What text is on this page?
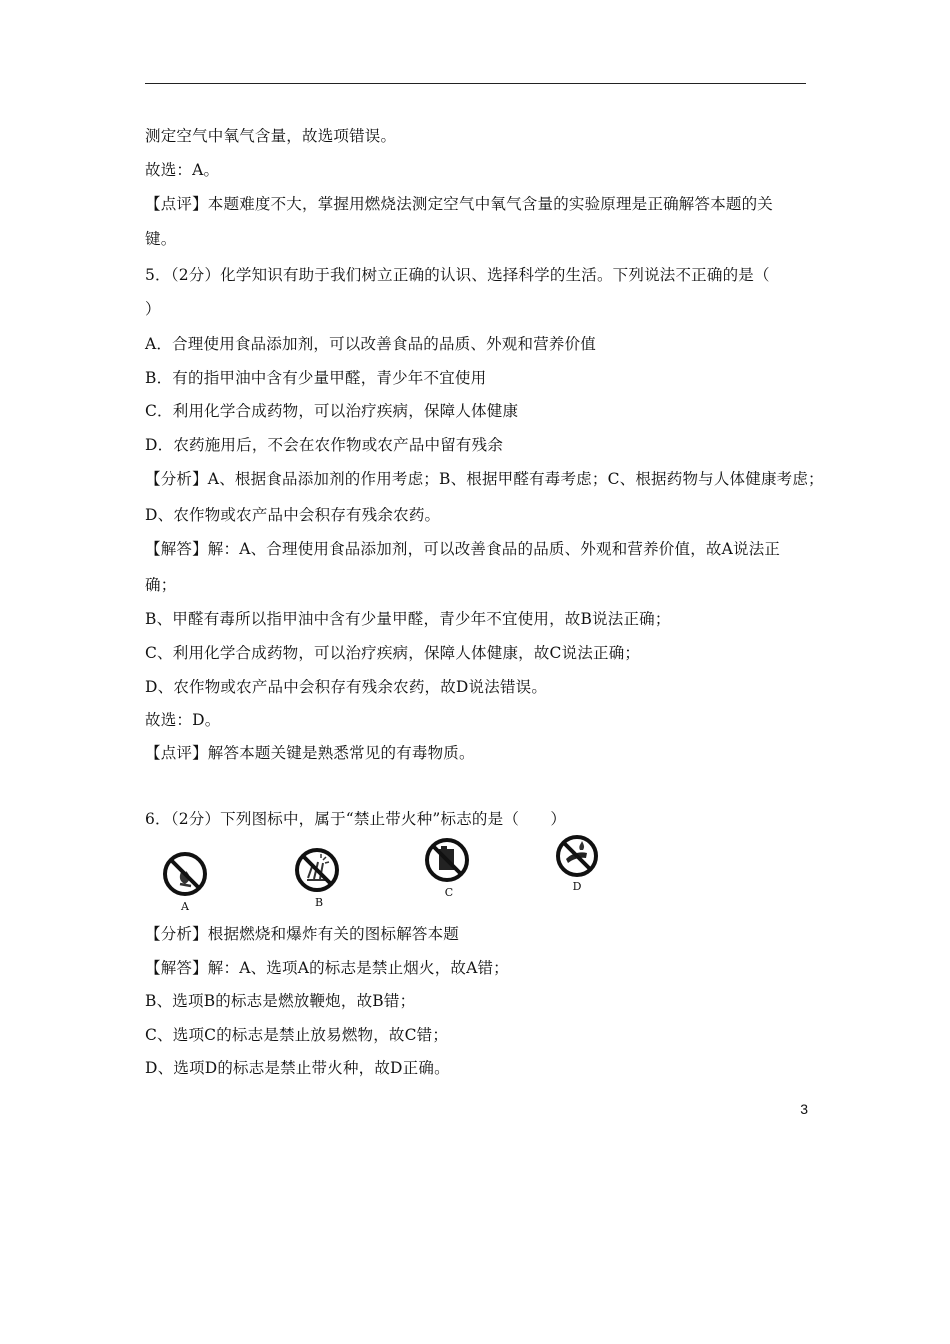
测定空气中氧气含量，故选项错误。
故选：A。
【点评】本题难度不大，掌握用燃烧法测定空气中氧气含量的实验原理是正确解答本题的关
键。
5．（2分）化学知识有助于我们树立正确的认识、选择科学的生活。下列说法不正确的是（
）
A．合理使用食品添加剂，可以改善食品的品质、外观和营养价值
B．有的指甲油中含有少量甲醛，青少年不宜使用
C．利用化学合成药物，可以治疗疾病，保障人体健康
D．农药施用后，不会在农作物或农产品中留有残余
【分析】A、根据食品添加剂的作用考虑；B、根据甲醛有毒考虑；C、根据药物与人体健康考虑；
D、农作物或农产品中会积存有残余农药。
【解答】解：A、合理使用食品添加剂，可以改善食品的品质、外观和营养价值，故A说法正
确；
B、甲醛有毒所以指甲油中含有少量甲醛，青少年不宜使用，故B说法正确；
C、利用化学合成药物，可以治疗疾病，保障人体健康，故C说法正确；
D、农作物或农产品中会积存有残余农药，故D说法错误。
故选：D。
【点评】解答本题关键是熟悉常见的有毒物质。
6．（2分）下列图标中，属于“禁止带火种”标志的是（　　）
A	B
C	D
【分析】根据燃烧和爆炸有关的图标解答本题
【解答】解：A、选项A的标志是禁止烟火，故A错；
B、选项B的标志是燃放鞭炮，故B错；
C、选项C的标志是禁止放易燃物，故C错；
D、选项D的标志是禁止带火种，故D正确。
3
